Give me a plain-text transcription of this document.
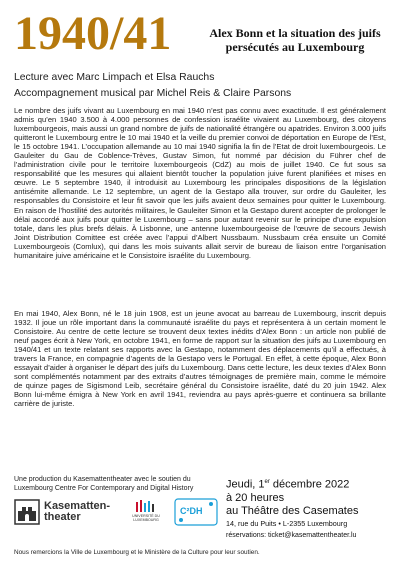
1940/41	Alex Bonn et la situation des juifs
persécutés au Luxembourg
Lecture avec Marc Limpach et Elsa Rauchs
Accompagnement musical par Michel Reis & Claire Parsons
Le nombre des juifs vivant au Luxembourg en mai 1940 n’est pas connu avec exactitude. Il est généralement admis qu’en 1940 3.500 à 4.000 personnes de confession israélite vivaient au Luxembourg, des citoyens luxembourgeois, mais aussi un grand nombre de juifs de nationalité étrangère ou apatrides. Environ 3.000 juifs quitteront le Luxembourg entre le 10 mai 1940 et la veille du premier convoi de déportation en Europe de l’Est, le 15 octobre 1941. L’occupation allemande au 10 mai 1940 signifia la fin de l’Etat de droit luxembourgeois. Le Gauleiter du Gau de Coblence-Trèves, Gustav Simon, fut nommé par décision du Führer chef de l’administration civile pour le territoire luxembourgeois (CdZ) au mois de juillet 1940. Ce fut sous sa responsabilité que les mesures qui allaient bientôt toucher la population juive furent planifiées et mises en œuvre. Le 5 septembre 1940, il introduisit au Luxembourg les principales dispositions de la législation antisémite allemande. Le 12 septembre, un agent de la Gestapo alla trouver, sur ordre du Gauleiter, les responsables du Consistoire et leur fit savoir que les juifs avaient deux semaines pour quitter le Luxembourg. En raison de l’hostilité des autorités militaires, le Gauleiter Simon et la Gestapo durent accepter de prolonger le délai accordé aux juifs pour quitter le Luxembourg – sans pour autant revenir sur le principe d’une expulsion totale, dans les plus brefs délais. À Lisbonne, une antenne luxembourgeoise de l’œuvre de secours Jewish Joint Distribution Comittee est créée avec l’appui d’Albert Nussbaum. Nussbaum créa ensuite un Comité Luxembourgeois (Comlux), qui dans les mois suivants allait servir de bureau de liaison entre l’organisation humanitaire juive américaine et le Consistoire israélite du Luxembourg.
En mai 1940, Alex Bonn, né le 18 juin 1908, est un jeune avocat au barreau de Luxembourg, inscrit depuis 1932. Il joue un rôle important dans la communauté israélite du pays et représentera à un certain moment le Consistoire. Au centre de cette lecture se trouvent deux textes inédits d’Alex Bonn : un article non publié de neuf pages écrit à New York, en octobre 1941, en forme de rapport sur la situation des juifs au Luxembourg en 1940/41 et un texte relatant ses rapports avec la Gestapo, notamment des déplacements qu’il a effectués, à travers la France, en compagnie d’agents de la Gestapo vers le Portugal. En effet, à cette époque, Alex Bonn essayait d’aider à organiser le départ des juifs du Luxembourg. Dans cette lecture, les deux textes d’Alex Bonn sont complémentés notamment par des extraits d’autres témoignages de première main, comme le mémoire de quinze pages de Sigismond Leib, secrétaire général du Consistoire israélite, daté du 20 juin 1942. Alex Bonn lui-même émigra à New York en avril 1941, reviendra au pays après-guerre et continuera sa brillante carrière de juriste.
Une production du Kasemattentheater avec le soutien du
Luxembourg Centre For Contemporary and Digital History
Kasematten-
theater	UNIVERSITÉ DU
LUXEMBOURG
C²DH
Jeudi, 1er décembre 2022
à 20 heures
au Théâtre des Casemates
14, rue du Puits • L-2355 Luxembourg
réservations: ticket@kasemattentheater.lu
Nous remercions la Ville de Luxembourg et le Ministère de la Culture pour leur soutien.
